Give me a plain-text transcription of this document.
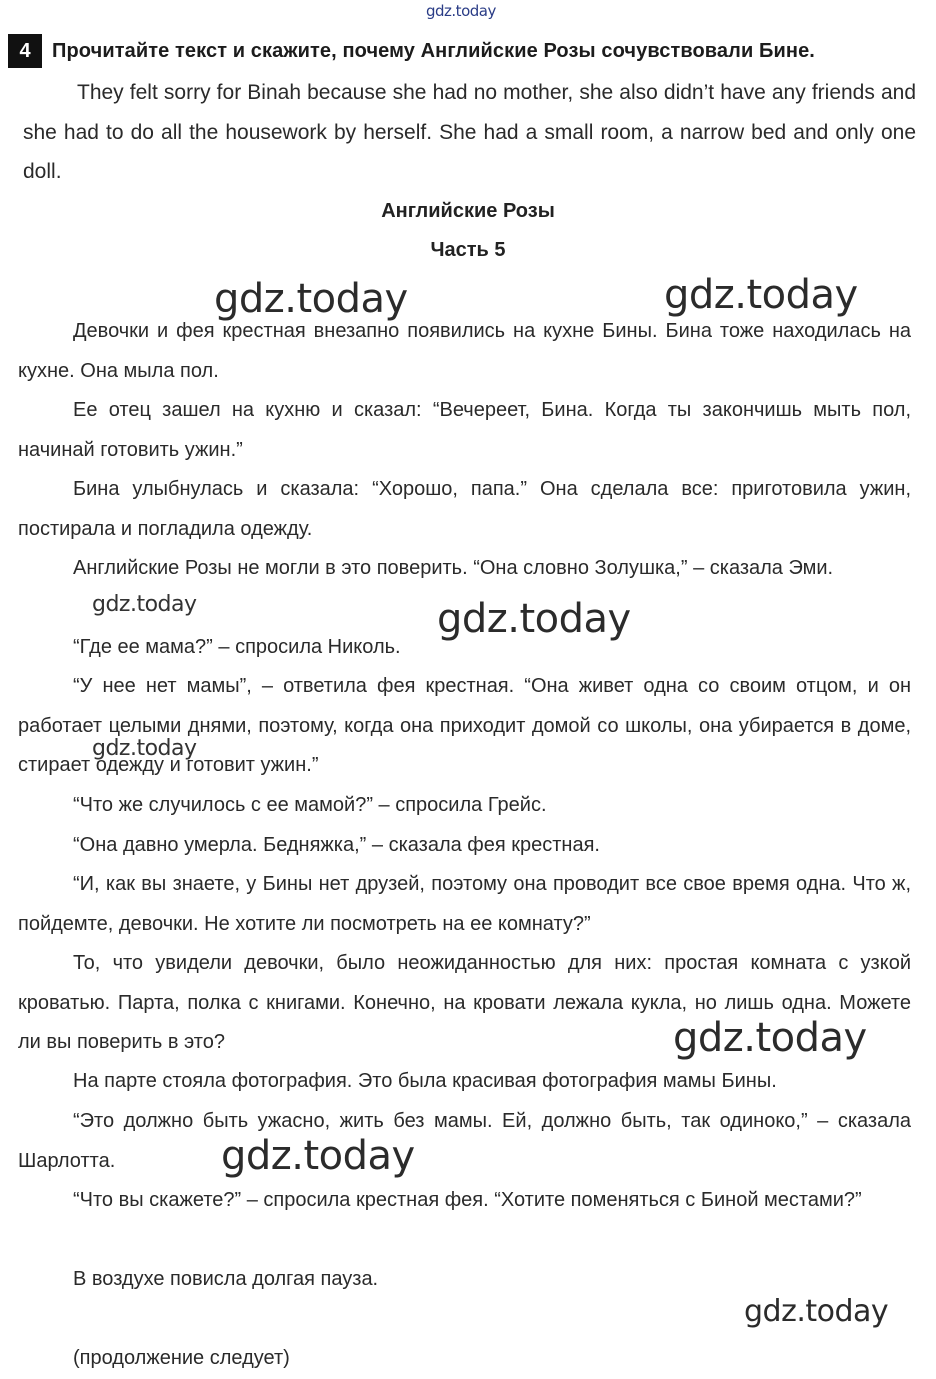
gdz.today
4	Прочитайте текст и скажите, почему Английские Розы сочувствовали Бине.

They felt sorry for Binah because she had no mother, she also didn’t have any friends and she had to do all the housework by herself. She had a small room, a narrow bed and only one doll.

Английские Розы
Часть 5

Девочки и фея крестная внезапно появились на кухне Бины. Бина тоже находилась на кухне. Она мыла пол.

Ее отец зашел на кухню и сказал: “Вечереет, Бина. Когда ты закончишь мыть пол, начинай готовить ужин.”

Бина улыбнулась и сказала: “Хорошо, папа.” Она сделала все: приготовила ужин, постирала и погладила одежду.

Английские Розы не могли в это поверить. “Она словно Золушка,” – сказала Эми.

“Где ее мама?” – спросила Николь.

“У нее нет мамы”, – ответила фея крестная. “Она живет одна со своим отцом, и он работает целыми днями, поэтому, когда она приходит домой со школы, она убирается в доме, стирает одежду и готовит ужин.”

“Что же случилось с ее мамой?” – спросила Грейс.

“Она давно умерла. Бедняжка,” – сказала фея крестная.

“И, как вы знаете, у Бины нет друзей, поэтому она проводит все свое время одна. Что ж, пойдемте, девочки. Не хотите ли посмотреть на ее комнату?”

То, что увидели девочки, было неожиданностью для них: простая комната с узкой кроватью. Парта, полка с книгами. Конечно, на кровати лежала кукла, но лишь одна. Можете ли вы поверить в это?

На парте стояла фотография. Это была красивая фотография мамы Бины.

“Это должно быть ужасно, жить без мамы. Ей, должно быть, так одиноко,” – сказала Шарлотта.

“Что вы скажете?” – спросила крестная фея. “Хотите поменяться с Биной местами?”

В воздухе повисла долгая пауза.

(продолжение следует)

gdz.today	gdz.today
gdz.today	gdz.today
gdz.today
gdz.today
gdz.today
gdz.today
